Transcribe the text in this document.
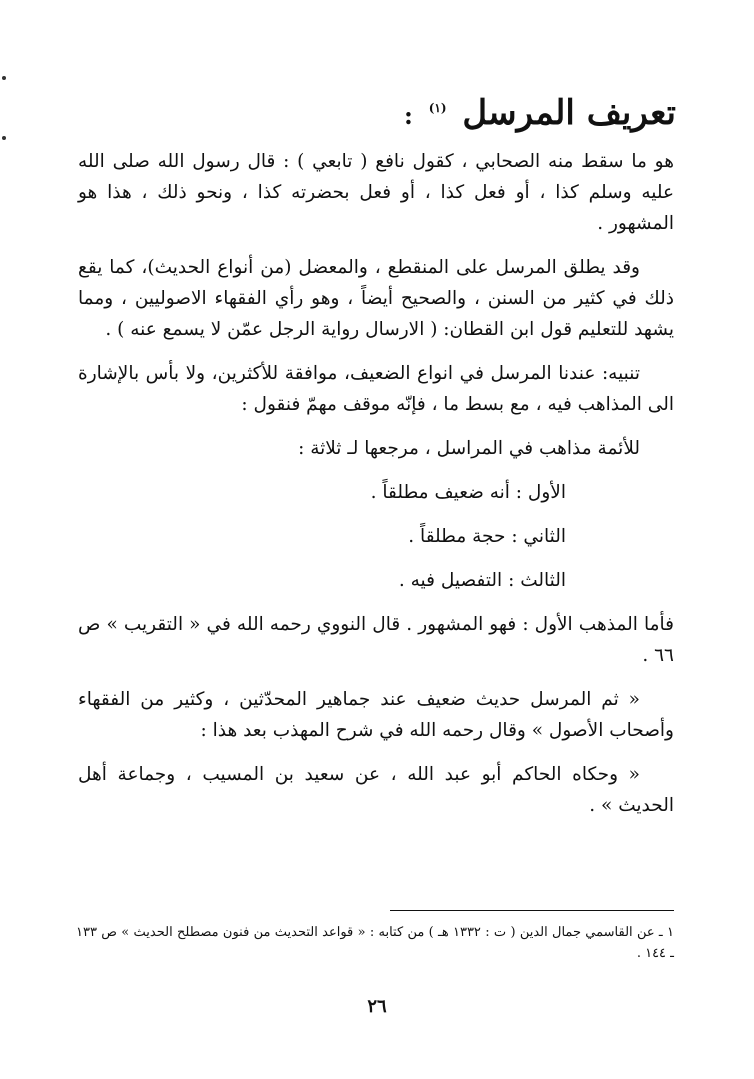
تعريف المرسل $^{(١)}$ :

هو ما سقط منه الصحابي ، كقول نافع ( تابعي ) : قال رسول الله صلى الله عليه وسلم كذا ، أو فعل كذا ، أو فعل بحضرته كذا ، ونحو ذلك ، هذا هو المشهور .

وقد يطلق المرسل على المنقطع ، والمعضل (من أنواع الحديث)، كما يقع ذلك في كثير من السنن ، والصحيح أيضاً ، وهو رأي الفقهاء الاصوليين ، ومما يشهد للتعليم قول ابن القطان: ( الارسال رواية الرجل عمّن لا يسمع عنه ) .

تنبيه: عندنا المرسل في انواع الضعيف، موافقة للأكثرين، ولا بأس بالإشارة الى المذاهب فيه ، مع بسط ما ، فإنّه موقف مهمّ فنقول :

للأئمة مذاهب في المراسل ، مرجعها لـ ثلاثة :

الأول : أنه ضعيف مطلقاً .

الثاني : حجة مطلقاً .

الثالث : التفصيل فيه .

فأما المذهب الأول : فهو المشهور . قال النووي رحمه الله في « التقريب » ص ٦٦ .

« ثم المرسل حديث ضعيف عند جماهير المحدّثين ، وكثير من الفقهاء وأصحاب الأصول » وقال رحمه الله في شرح المهذب بعد هذا :

« وحكاه الحاكم أبو عبد الله ، عن سعيد بن المسيب ، وجماعة أهل الحديث » .

١ ـ عن القاسمي جمال الدين ( ت : ١٣٣٢ هـ ) من كتابه : « قواعد التحديث من فنون مصطلح الحديث » ص ١٣٣ ـ ١٤٤ .

٢٦
